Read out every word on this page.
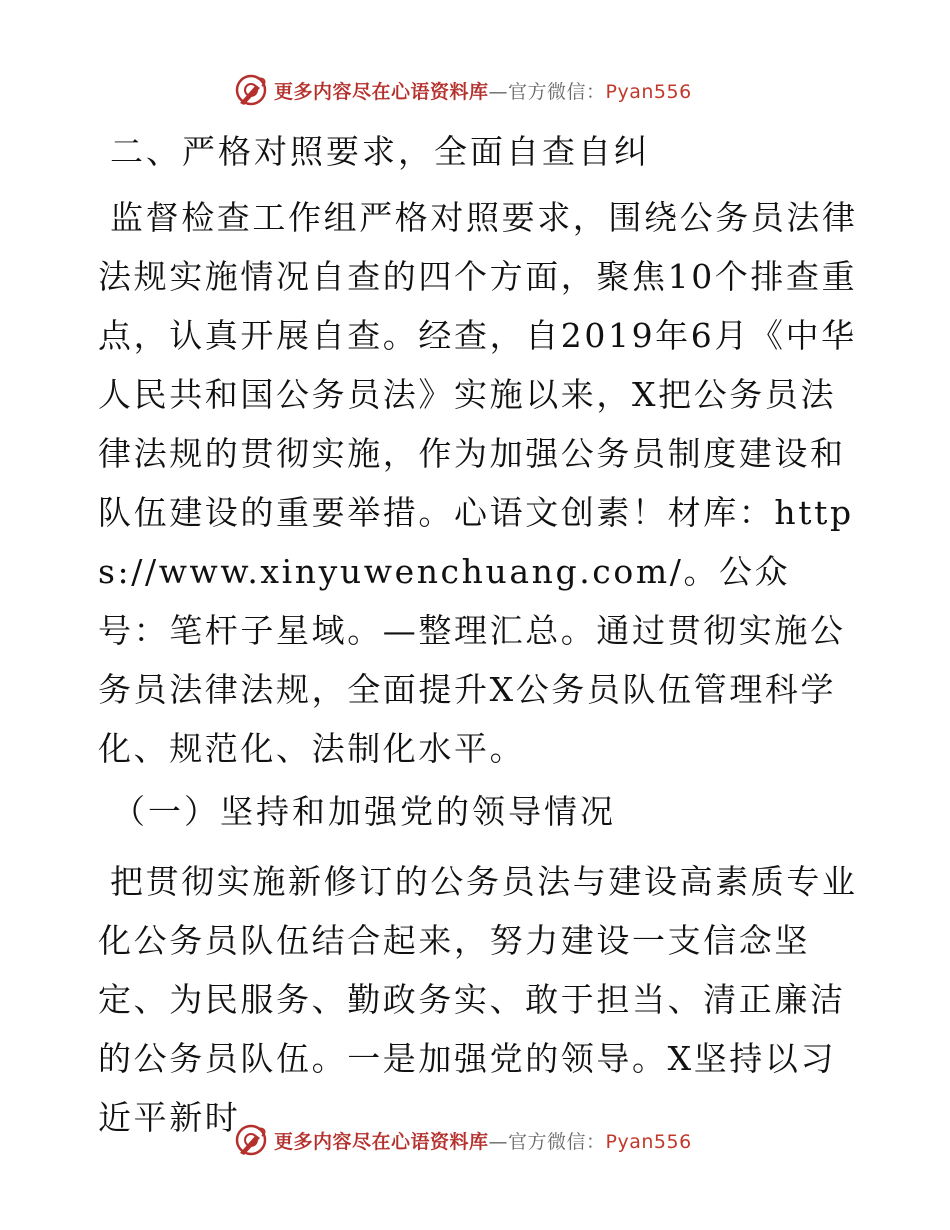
更多内容尽在心语资料库—官方微信：Pyan556
二、严格对照要求，全面自查自纠

监督检查工作组严格对照要求，围绕公务员法律法规实施情况自查的四个方面，聚焦10个排查重点，认真开展自查。经查，自2019年6月《中华人民共和国公务员法》实施以来，X把公务员法律法规的贯彻实施，作为加强公务员制度建设和队伍建设的重要举措。心语文创素！材库：https://www.xinyuwenchuang.com/。公众号：笔杆子星域。—整理汇总。通过贯彻实施公务员法律法规，全面提升X公务员队伍管理科学化、规范化、法制化水平。

（一）坚持和加强党的领导情况

把贯彻实施新修订的公务员法与建设高素质专业化公务员队伍结合起来，努力建设一支信念坚定、为民服务、勤政务实、敢于担当、清正廉洁的公务员队伍。一是加强党的领导。X坚持以习近平新时

更多内容尽在心语资料库—官方微信：Pyan556
